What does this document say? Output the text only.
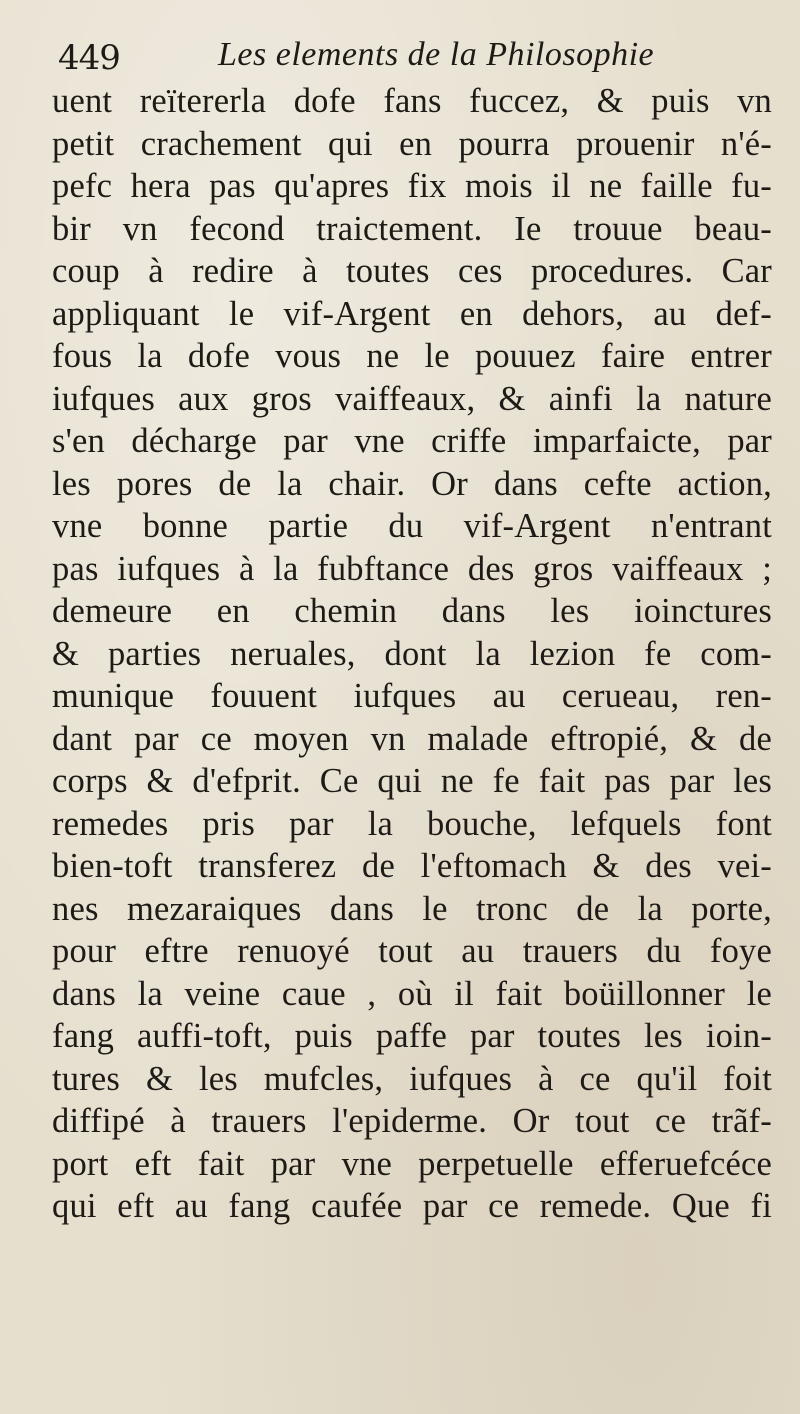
449	Les elements de la Philosophie
uent reïtererla dofe fans fuccez, & puis vn
petit crachement qui en pourra prouenir n'é-
pefc hera pas qu'apres fix mois il ne faille fu-
bir vn fecond traictement. Ie trouue beau-
coup à redire à toutes ces procedures. Car
appliquant le vif-Argent en dehors, au def-
fous la dofe vous ne le pouuez faire entrer
iufques aux gros vaiffeaux, & ainfi la nature
s'en décharge par vne criffe imparfaicte, par
les pores de la chair. Or dans cefte action,
vne bonne partie du vif-Argent n'entrant
pas iufques à la fubftance des gros vaiffeaux ;
demeure en chemin dans les ioinctures
& parties neruales, dont la lezion fe com-
munique fouuent iufques au cerueau, ren-
dant par ce moyen vn malade eftropié, & de
corps & d'efprit. Ce qui ne fe fait pas par les
remedes pris par la bouche, lefquels font
bien-toft transferez de l'eftomach & des vei-
nes mezaraiques dans le tronc de la porte,
pour eftre renuoyé tout au trauers du foye
dans la veine caue , où il fait boüillonner le
fang auffi-toft, puis paffe par toutes les ioin-
tures & les mufcles, iufques à ce qu'il foit
diffipé à trauers l'epiderme. Or tout ce trãf-
port eft fait par vne perpetuelle efferuefcéce
qui eft au fang caufée par ce remede. Que fi
